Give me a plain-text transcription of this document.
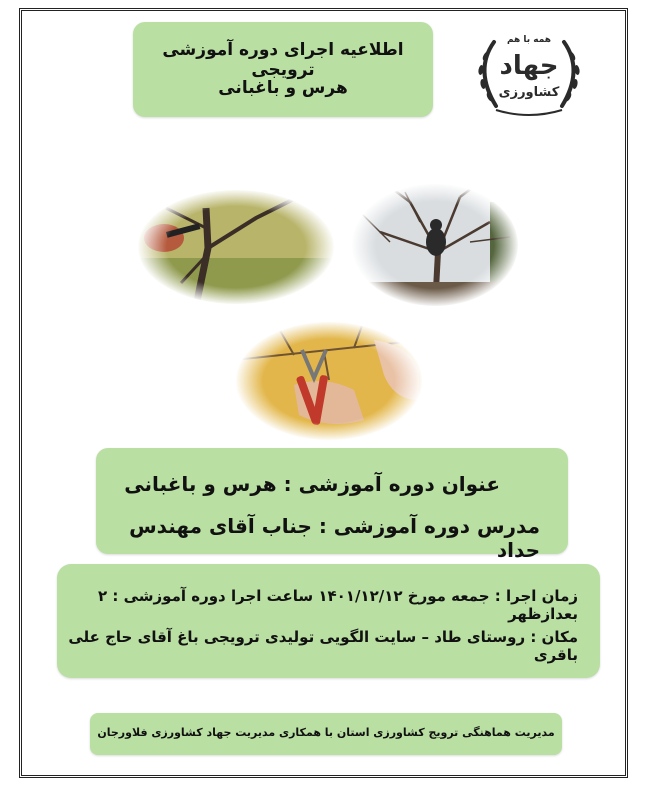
همه با هم
جهاد
کشاورزی
اطلاعیه اجرای دوره آموزشی ترویجی
هرس و باغبانی
عنوان دوره آموزشی : هرس و باغبانی
مدرس دوره آموزشی : جناب آقای مهندس حداد
زمان اجرا : جمعه مورخ ۱۴۰۱/۱۲/۱۲ ساعت اجرا دوره آموزشی : ۲ بعدازظهر
مکان : روستای طاد – سایت الگویی تولیدی ترویجی باغ آقای حاج علی باقری
مدیریت هماهنگی ترویج کشاورزی استان با همکاری مدیریت جهاد کشاورزی فلاورجان
